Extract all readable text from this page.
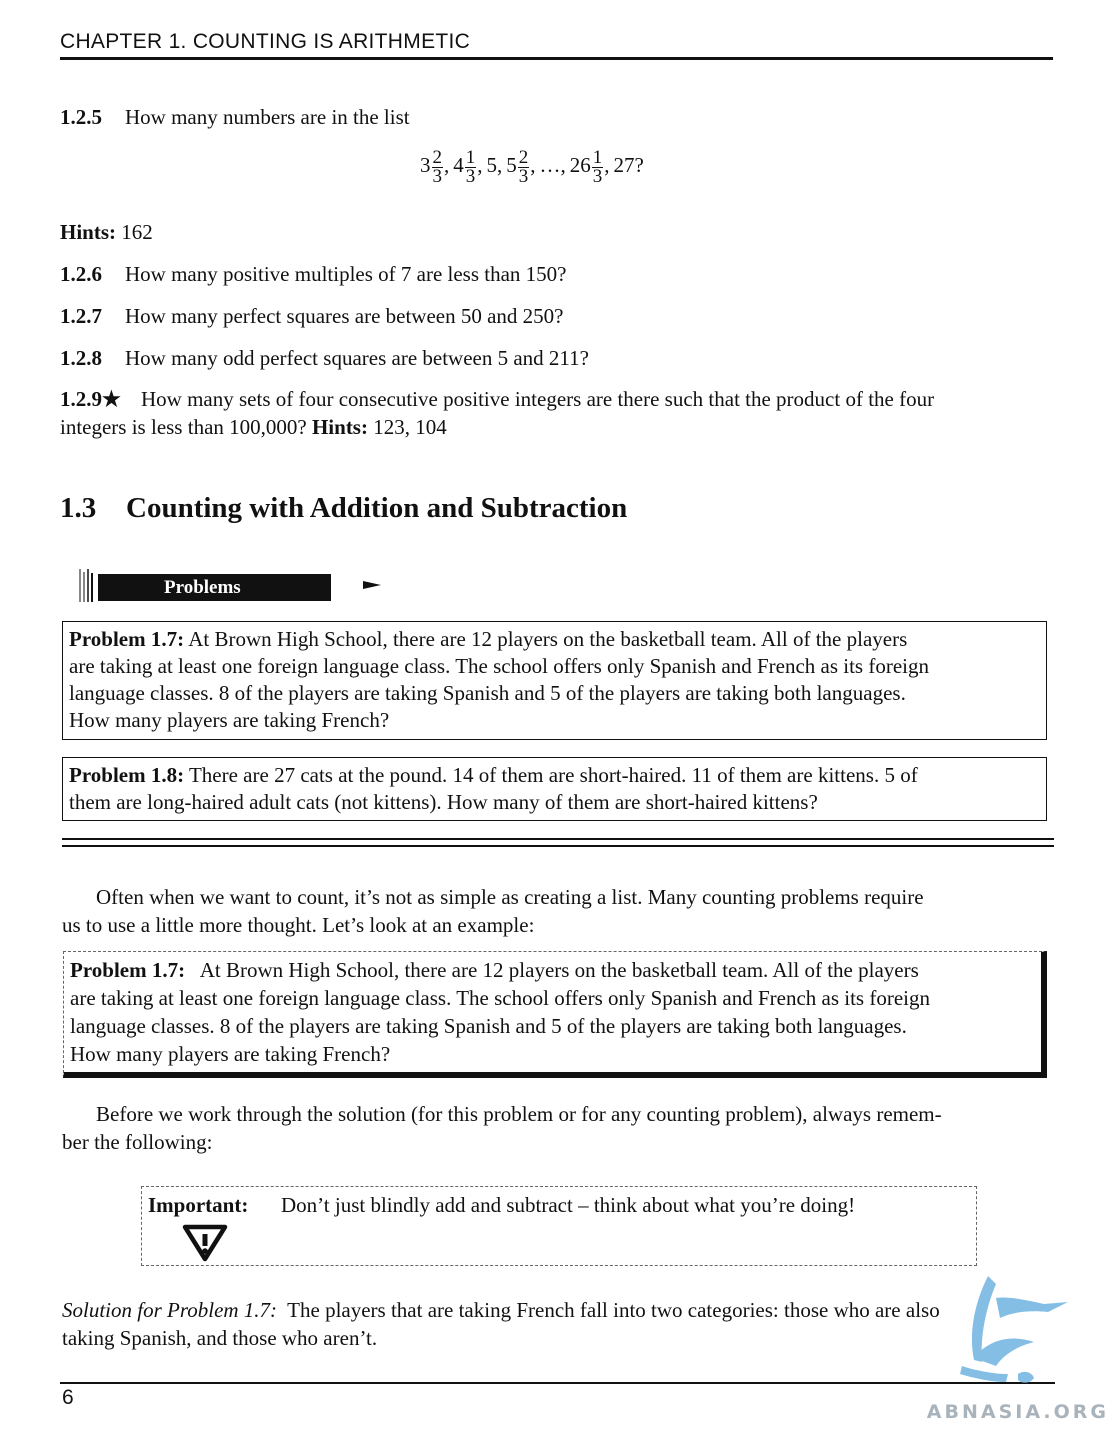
CHAPTER 1. COUNTING IS ARITHMETIC
1.2.5 How many numbers are in the list
$3 \frac{2}{3}$ , $4 \frac{1}{3}$ , 5, $5 \frac{2}{3}$ , …, $26 \frac{1}{3}$ , 27?
Hints: 162
1.2.6 How many positive multiples of 7 are less than 150?
1.2.7 How many perfect squares are between 50 and 250?
1.2.8 How many odd perfect squares are between 5 and 211?
1.2.9★ How many sets of four consecutive positive integers are there such that the product of the four
integers is less than 100,000? Hints: 123, 104
1.3 Counting with Addition and Subtraction
Problems
Problem 1.7: At Brown High School, there are 12 players on the basketball team. All of the players
are taking at least one foreign language class. The school offers only Spanish and French as its foreign
language classes. 8 of the players are taking Spanish and 5 of the players are taking both languages.
How many players are taking French?
Problem 1.8: There are 27 cats at the pound. 14 of them are short-haired. 11 of them are kittens. 5 of
them are long-haired adult cats (not kittens). How many of them are short-haired kittens?
Often when we want to count, it’s not as simple as creating a list. Many counting problems require
us to use a little more thought. Let’s look at an example:
Problem 1.7: At Brown High School, there are 12 players on the basketball team. All of the players
are taking at least one foreign language class. The school offers only Spanish and French as its foreign
language classes. 8 of the players are taking Spanish and 5 of the players are taking both languages.
How many players are taking French?
Before we work through the solution (for this problem or for any counting problem), always remem-
ber the following:
Important: Don’t just blindly add and subtract – think about what you’re doing!
Solution for Problem 1.7: The players that are taking French fall into two categories: those who are also
taking Spanish, and those who aren’t.
6
ABNASIA.ORG
